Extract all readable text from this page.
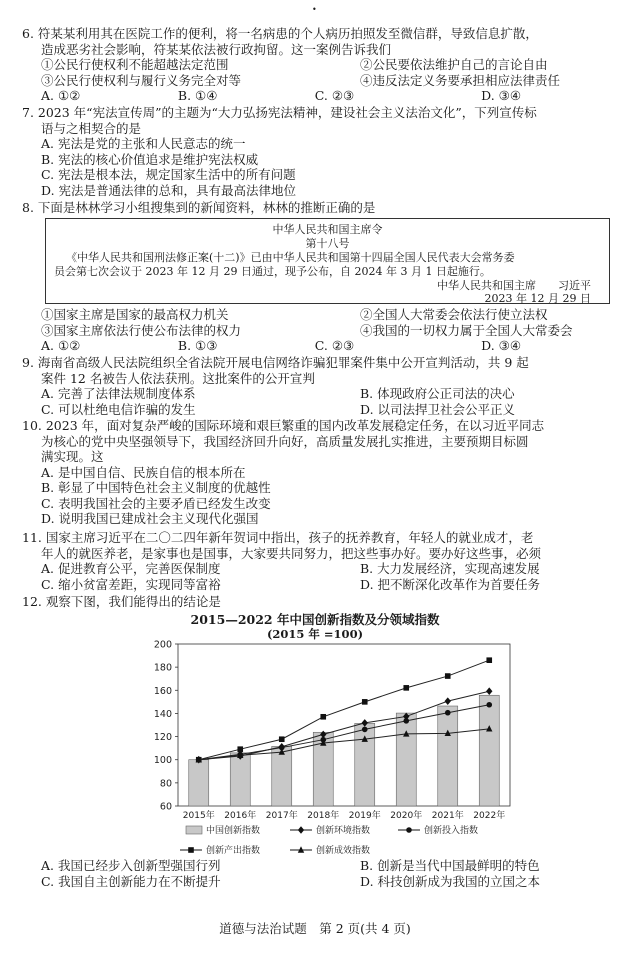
•
6. 符某某利用其在医院工作的便利，将一名病患的个人病历拍照发至微信群，导致信息扩散，
造成恶劣社会影响，符某某依法被行政拘留。这一案例告诉我们
①公民行使权利不能超越法定范围	②公民要依法维护自己的言论自由
③公民行使权利与履行义务完全对等	④违反法定义务要承担相应法律责任
A. ①②	B. ①④	C. ②③	D. ③④
7. 2023 年“宪法宣传周”的主题为“大力弘扬宪法精神，建设社会主义法治文化”，下列宣传标
语与之相契合的是
A. 宪法是党的主张和人民意志的统一
B. 宪法的核心价值追求是维护宪法权威
C. 宪法是根本法，规定国家生活中的所有问题
D. 宪法是普通法律的总和，具有最高法律地位
8. 下面是林林学习小组搜集到的新闻资料，林林的推断正确的是
中华人民共和国主席令
第十八号
《中华人民共和国刑法修正案(十二)》已由中华人民共和国第十四届全国人民代表大会常务委
员会第七次会议于 2023 年 12 月 29 日通过，现予公布，自 2024 年 3 月 1 日起施行。
中华人民共和国主席　　习近平
2023 年 12 月 29 日
①国家主席是国家的最高权力机关	②全国人大常委会依法行使立法权
③国家主席依法行使公布法律的权力	④我国的一切权力属于全国人大常委会
A. ①②	B. ①③	C. ②③	D. ③④
9. 海南省高级人民法院组织全省法院开展电信网络诈骗犯罪案件集中公开宣判活动，共 9 起
案件 12 名被告人依法获刑。这批案件的公开宣判
A. 完善了法律法规制度体系	B. 体现政府公正司法的决心
C. 可以杜绝电信诈骗的发生	D. 以司法捍卫社会公平正义
10. 2023 年，面对复杂严峻的国际环境和艰巨繁重的国内改革发展稳定任务，在以习近平同志
为核心的党中央坚强领导下，我国经济回升向好，高质量发展扎实推进，主要预期目标圆
满实现。这
A. 是中国自信、民族自信的根本所在
B. 彰显了中国特色社会主义制度的优越性
C. 表明我国社会的主要矛盾已经发生改变
D. 说明我国已建成社会主义现代化强国
11. 国家主席习近平在二〇二四年新年贺词中指出，孩子的抚养教育，年轻人的就业成才，老
年人的就医养老，是家事也是国事，大家要共同努力，把这些事办好。要办好这些事，必须
A. 促进教育公平，完善医保制度	B. 大力发展经济，实现高速发展
C. 缩小贫富差距，实现同等富裕	D. 把不断深化改革作为首要任务
12. 观察下图，我们能得出的结论是
2015—2022 年中国创新指数及分领域指数
(2015 年 =100)
60
80
100
120
140
160
180
200
2015年 2016年 2017年 2018年 2019年 2020年 2021年 2022年
中国创新指数	创新环境指数	创新投入指数
创新产出指数	创新成效指数
A. 我国已经步入创新型强国行列	B. 创新是当代中国最鲜明的特色
C. 我国自主创新能力在不断提升	D. 科技创新成为我国的立国之本
道德与法治试题　第 2 页(共 4 页)
